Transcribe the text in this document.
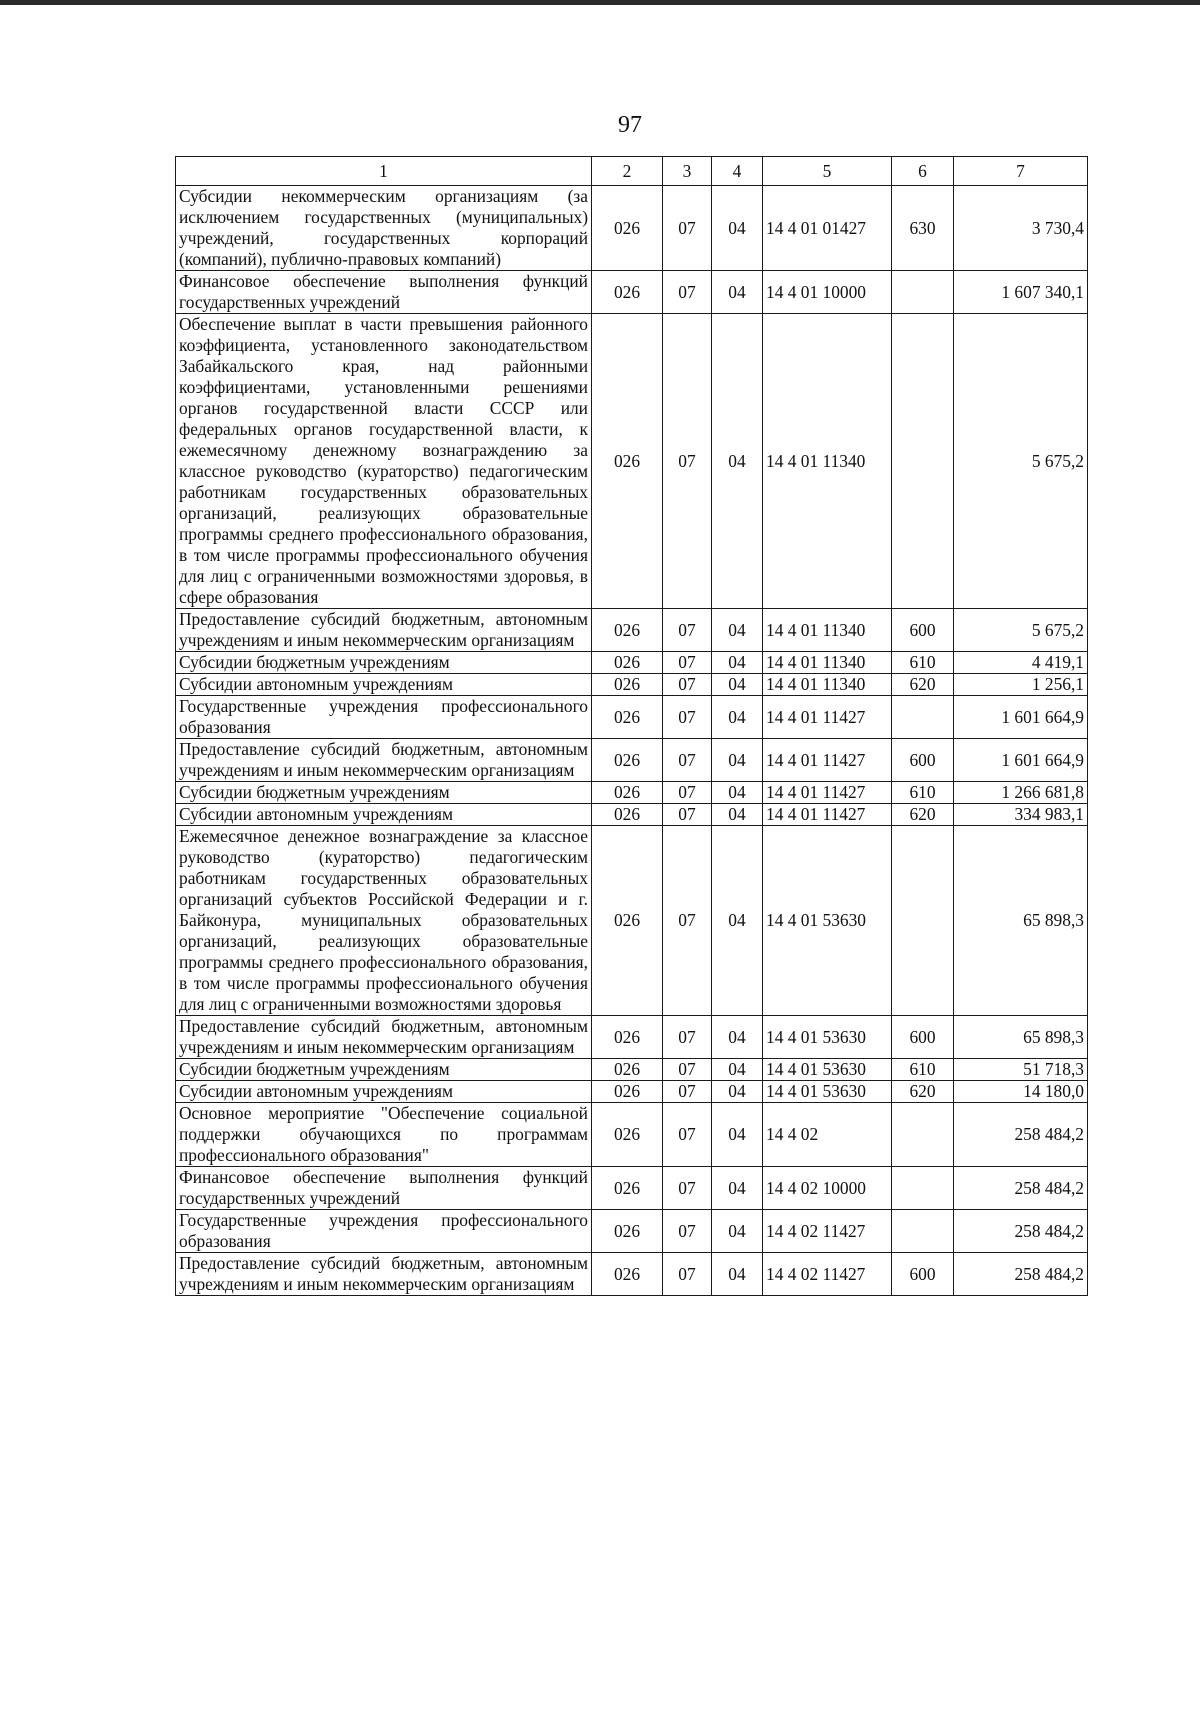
97
1	2	3	4	5	6	7
Субсидии некоммерческим организациям (за исключением государственных (муниципальных) учреждений, государственных корпораций (компаний), публично-правовых компаний)	026	07	04	14 4 01 01427	630	3 730,4
Финансовое обеспечение выполнения функций государственных учреждений	026	07	04	14 4 01 10000		1 607 340,1
Обеспечение выплат в части превышения районного коэффициента, установленного законодательством Забайкальского края, над районными коэффициентами, установленными решениями органов государственной власти СССР или федеральных органов государственной власти, к ежемесячному денежному вознаграждению за классное руководство (кураторство) педагогическим работникам государственных образовательных организаций, реализующих образовательные программы среднего профессионального образования, в том числе программы профессионального обучения для лиц с ограниченными возможностями здоровья, в сфере образования	026	07	04	14 4 01 11340		5 675,2
Предоставление субсидий бюджетным, автономным учреждениям и иным некоммерческим организациям	026	07	04	14 4 01 11340	600	5 675,2
Субсидии бюджетным учреждениям	026	07	04	14 4 01 11340	610	4 419,1
Субсидии автономным учреждениям	026	07	04	14 4 01 11340	620	1 256,1
Государственные учреждения профессионального образования	026	07	04	14 4 01 11427		1 601 664,9
Предоставление субсидий бюджетным, автономным учреждениям и иным некоммерческим организациям	026	07	04	14 4 01 11427	600	1 601 664,9
Субсидии бюджетным учреждениям	026	07	04	14 4 01 11427	610	1 266 681,8
Субсидии автономным учреждениям	026	07	04	14 4 01 11427	620	334 983,1
Ежемесячное денежное вознаграждение за классное руководство (кураторство) педагогическим работникам государственных образовательных организаций субъектов Российской Федерации и г. Байконура, муниципальных образовательных организаций, реализующих образовательные программы среднего профессионального образования, в том числе программы профессионального обучения для лиц с ограниченными возможностями здоровья	026	07	04	14 4 01 53630		65 898,3
Предоставление субсидий бюджетным, автономным учреждениям и иным некоммерческим организациям	026	07	04	14 4 01 53630	600	65 898,3
Субсидии бюджетным учреждениям	026	07	04	14 4 01 53630	610	51 718,3
Субсидии автономным учреждениям	026	07	04	14 4 01 53630	620	14 180,0
Основное мероприятие "Обеспечение социальной поддержки обучающихся по программам профессионального образования"	026	07	04	14 4 02		258 484,2
Финансовое обеспечение выполнения функций государственных учреждений	026	07	04	14 4 02 10000		258 484,2
Государственные учреждения профессионального образования	026	07	04	14 4 02 11427		258 484,2
Предоставление субсидий бюджетным, автономным учреждениям и иным некоммерческим организациям	026	07	04	14 4 02 11427	600	258 484,2
